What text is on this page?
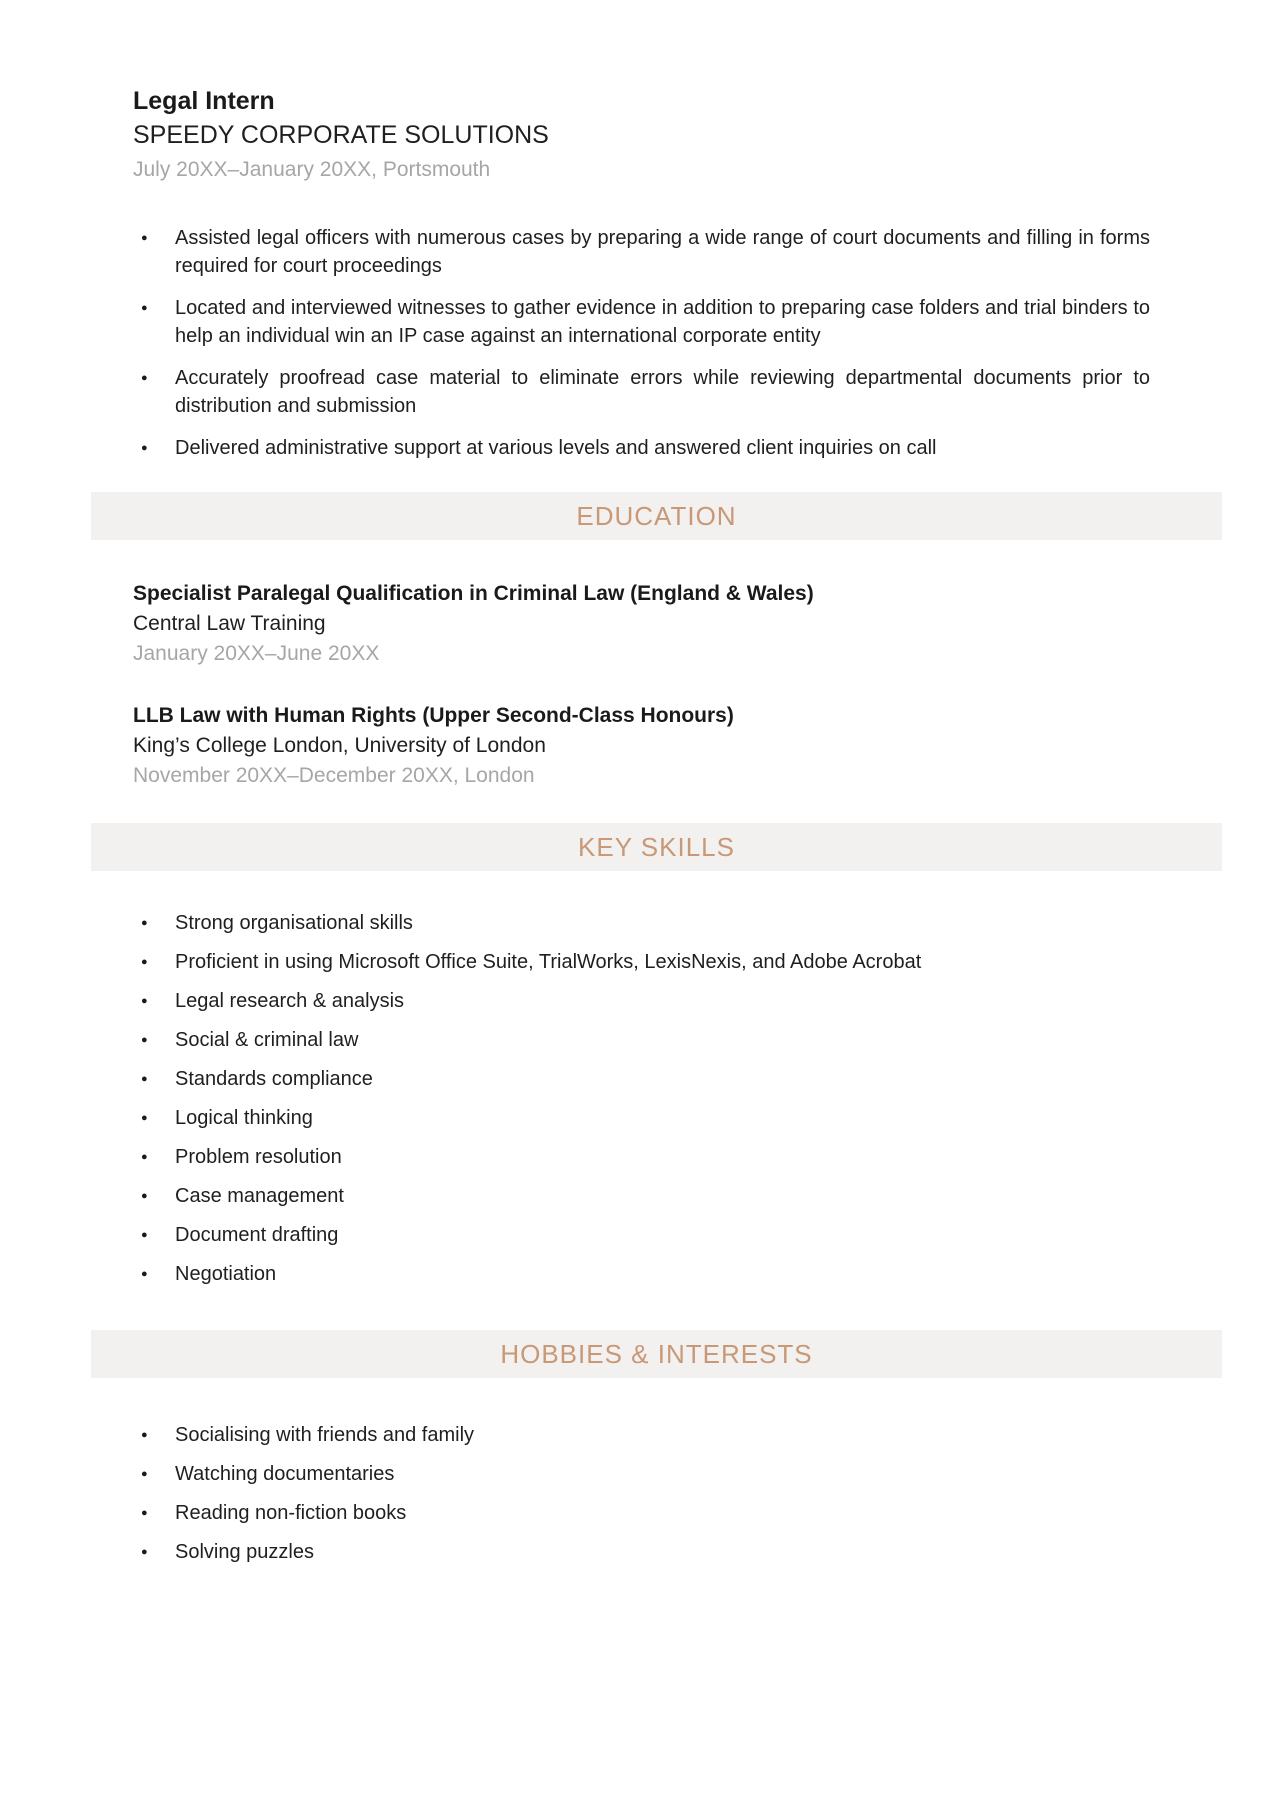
Legal Intern
SPEEDY CORPORATE SOLUTIONS
July 20XX–January 20XX, Portsmouth
● Assisted legal officers with numerous cases by preparing a wide range of court documents and filling in forms required for court proceedings
● Located and interviewed witnesses to gather evidence in addition to preparing case folders and trial binders to help an individual win an IP case against an international corporate entity
● Accurately proofread case material to eliminate errors while reviewing departmental documents prior to distribution and submission
● Delivered administrative support at various levels and answered client inquiries on call
EDUCATION
Specialist Paralegal Qualification in Criminal Law (England & Wales)
Central Law Training
January 20XX–June 20XX
LLB Law with Human Rights (Upper Second-Class Honours)
King’s College London, University of London
November 20XX–December 20XX, London
KEY SKILLS
● Strong organisational skills
● Proficient in using Microsoft Office Suite, TrialWorks, LexisNexis, and Adobe Acrobat
● Legal research & analysis
● Social & criminal law
● Standards compliance
● Logical thinking
● Problem resolution
● Case management
● Document drafting
● Negotiation
HOBBIES & INTERESTS
● Socialising with friends and family
● Watching documentaries
● Reading non-fiction books
● Solving puzzles
